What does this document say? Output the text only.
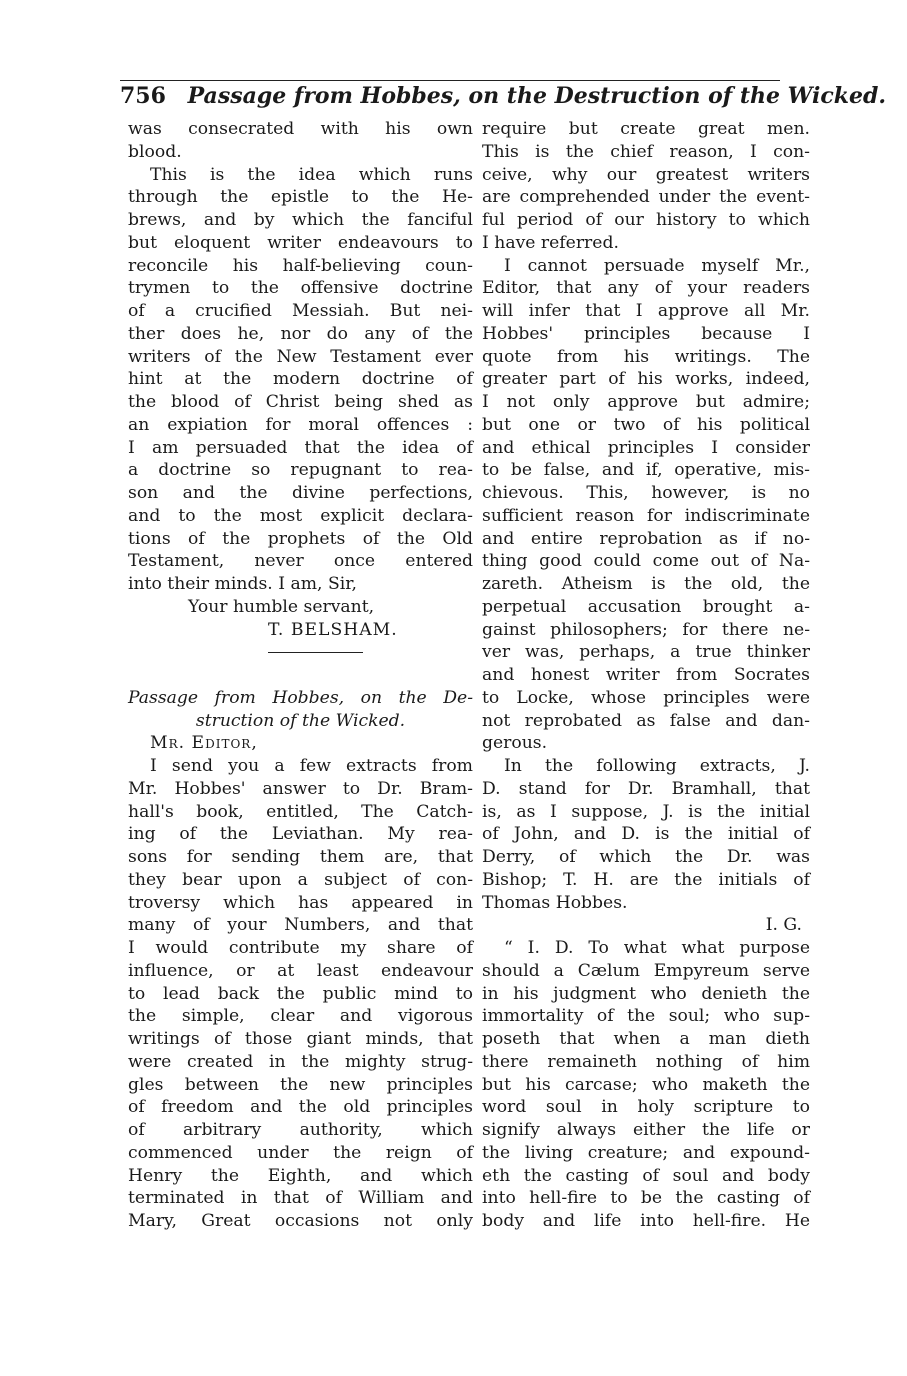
756 Passage from Hobbes, on the Destruction of the Wicked.
was consecrated with his own
blood.
This is the idea which runs
through the epistle to the He-
brews, and by which the fanciful
but eloquent writer endeavours to
reconcile his half-believing coun-
trymen to the offensive doctrine
of a crucified Messiah. But nei-
ther does he, nor do any of the
writers of the New Testament ever
hint at the modern doctrine of
the blood of Christ being shed as
an expiation for moral offences :
I am persuaded that the idea of
a doctrine so repugnant to rea-
son and the divine perfections,
and to the most explicit declara-
tions of the prophets of the Old
Testament, never once entered
into their minds. I am, Sir,
Your humble servant,
T. BELSHAM.
Passage from Hobbes, on the De-
struction of the Wicked.
Mr. Editor,
I send you a few extracts from
Mr. Hobbes' answer to Dr. Bram-
hall's book, entitled, The Catch-
ing of the Leviathan. My rea-
sons for sending them are, that
they bear upon a subject of con-
troversy which has appeared in
many of your Numbers, and that
I would contribute my share of
influence, or at least endeavour
to lead back the public mind to
the simple, clear and vigorous
writings of those giant minds, that
were created in the mighty strug-
gles between the new principles
of freedom and the old principles
of arbitrary authority, which
commenced under the reign of
Henry the Eighth, and which
terminated in that of William and
Mary, Great occasions not only
require but create great men.
This is the chief reason, I con-
ceive, why our greatest writers
are comprehended under the event-
ful period of our history to which
I have referred.
I cannot persuade myself Mr.,
Editor, that any of your readers
will infer that I approve all Mr.
Hobbes' principles because I
quote from his writings. The
greater part of his works, indeed,
I not only approve but admire;
but one or two of his political
and ethical principles I consider
to be false, and if, operative, mis-
chievous. This, however, is no
sufficient reason for indiscriminate
and entire reprobation as if no-
thing good could come out of Na-
zareth. Atheism is the old, the
perpetual accusation brought a-
gainst philosophers; for there ne-
ver was, perhaps, a true thinker
and honest writer from Socrates
to Locke, whose principles were
not reprobated as false and dan-
gerous.
In the following extracts, J.
D. stand for Dr. Bramhall, that
is, as I suppose, J. is the initial
of John, and D. is the initial of
Derry, of which the Dr. was
Bishop; T. H. are the initials of
Thomas Hobbes.
I. G.
“ I. D. To what what purpose
should a Cælum Empyreum serve
in his judgment who denieth the
immortality of the soul; who sup-
poseth that when a man dieth
there remaineth nothing of him
but his carcase; who maketh the
word soul in holy scripture to
signify always either the life or
the living creature; and expound-
eth the casting of soul and body
into hell-fire to be the casting of
body and life into hell-fire. He
